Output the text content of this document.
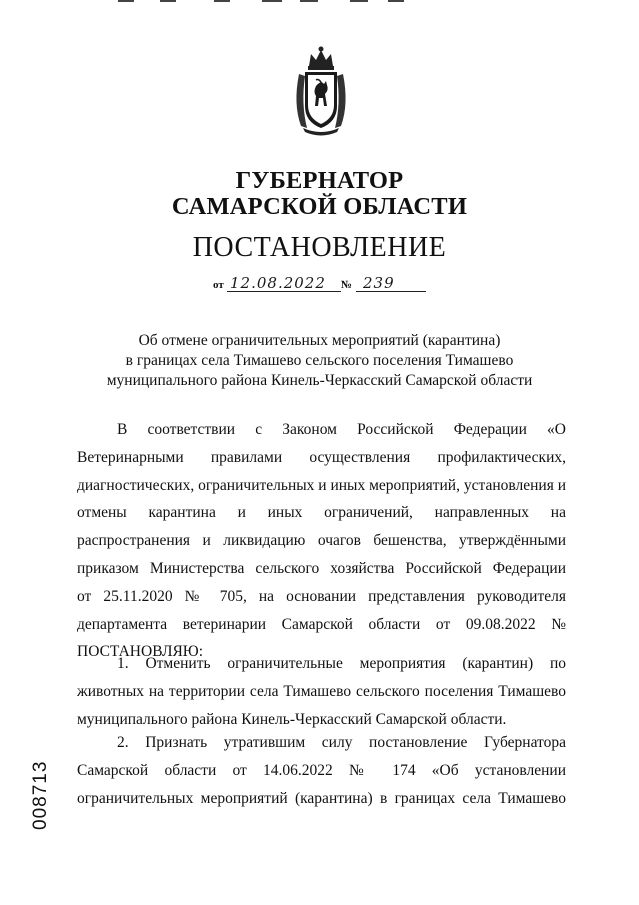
ГУБЕРНАТОР
САМАРСКОЙ ОБЛАСТИ
ПОСТАНОВЛЕНИЕ
от 12.08.2022 № 239
Об отмене ограничительных мероприятий (карантина)
в границах села Тимашево сельского поселения Тимашево
муниципального района Кинель-Черкасский Самарской области
В соответствии с Законом Российской Федерации «О
Ветеринарными правилами осуществления профилактических,
диагностических, ограничительных и иных мероприятий, установления и
отмены карантина и иных ограничений, направленных на
распространения и ликвидацию очагов бешенства, утверждёнными
приказом Министерства сельского хозяйства Российской Федерации
от 25.11.2020 № 705, на основании представления руководителя
департамента ветеринарии Самарской области от 09.08.2022 №
ПОСТАНОВЛЯЮ:
1. Отменить ограничительные мероприятия (карантин) по
животных на территории села Тимашево сельского поселения Тимашево
муниципального района Кинель-Черкасский Самарской области.
2. Признать утратившим силу постановление Губернатора
Самарской области от 14.06.2022 № 174 «Об установлении
ограничительных мероприятий (карантина) в границах села Тимашево
008713
